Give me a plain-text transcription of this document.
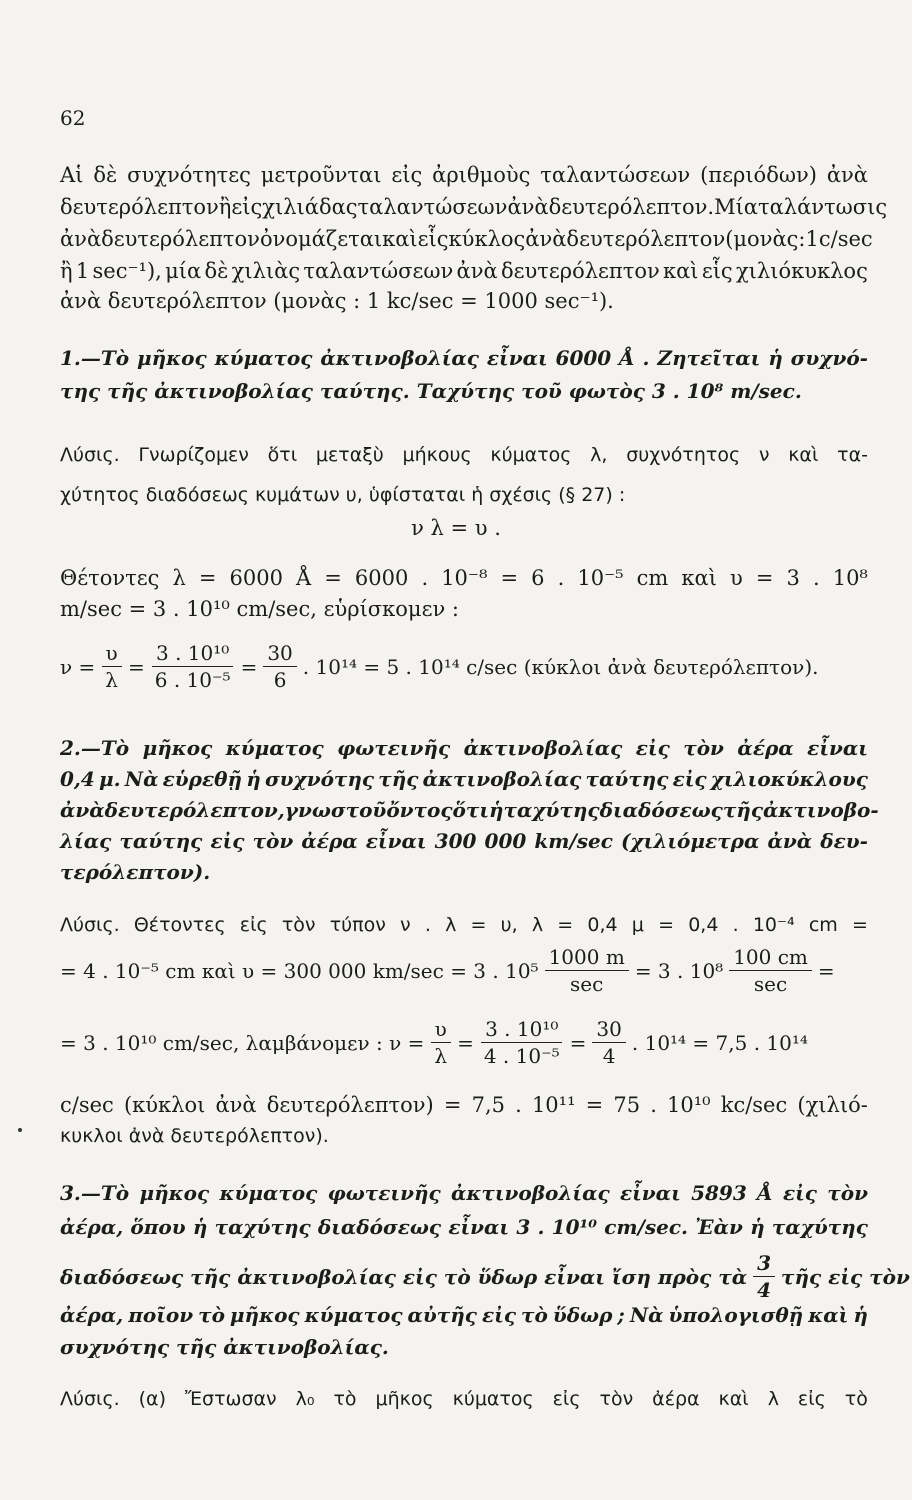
62
Αἱ δὲ συχνότητες μετροῦνται εἰς ἀριθμοὺς ταλαντώσεων (περιόδων) ἀνὰ
δευτερόλεπτον ἢ εἰς χιλιάδας ταλαντώσεων ἀνὰ δευτερόλεπτον. Μία ταλάντωσις
ἀνὰ δευτερόλεπτον ὀνομάζεται καὶ εἷς κύκλος ἀνὰ δευτερόλεπτον (μονὰς : 1 c/sec
ἢ 1 sec⁻¹), μία δὲ χιλιὰς ταλαντώσεων ἀνὰ δευτερόλεπτον καὶ εἷς χιλιόκυκλος
ἀνὰ δευτερόλεπτον (μονὰς : 1 kc/sec = 1000 sec⁻¹).
1.—Τὸ μῆκος κύματος ἀκτινοβολίας εἶναι 6000 Å . Ζητεῖται ἡ συχνό-
της τῆς ἀκτινοβολίας ταύτης. Ταχύτης τοῦ φωτὸς 3 . 10⁸ m/sec.
Λύσις. Γνωρίζομεν ὅτι μεταξὺ μήκους κύματος λ, συχνότητος ν καὶ τα-
χύτητος διαδόσεως κυμάτων υ, ὑφίσταται ἡ σχέσις (§ 27) :
ν λ = υ .
Θέτοντες λ = 6000 Å = 6000 . 10⁻⁸ = 6 . 10⁻⁵ cm καὶ υ = 3 . 10⁸
m/sec = 3 . 10¹⁰ cm/sec, εὑρίσκομεν :
$\nu = \frac{\upsilon}{\lambda} = \frac{\text{3 . 10¹⁰}}{\text{6 . 10⁻⁵}} = \frac{30}{6}$ . 10¹⁴ = 5 . 10¹⁴ c/sec (κύκλοι ἀνὰ δευτερόλεπτον).
2.—Τὸ μῆκος κύματος φωτεινῆς ἀκτινοβολίας εἰς τὸν ἀέρα εἶναι
0,4 μ. Νὰ εὑρεθῇ ἡ συχνότης τῆς ἀκτινοβολίας ταύτης εἰς χιλιοκύκλους
ἀνὰ δευτερόλεπτον, γνωστοῦ ὄντος ὅτι ἡ ταχύτης διαδόσεως τῆς ἀκτινοβο-
λίας ταύτης εἰς τὸν ἀέρα εἶναι 300 000 km/sec (χιλιόμετρα ἀνὰ δευ-
τερόλεπτον).
Λύσις. Θέτοντες εἰς τὸν τύπον ν . λ = υ, λ = 0,4 μ = 0,4 . 10⁻⁴ cm =
= 4 . 10⁻⁵ cm καὶ υ = 300 000 km/sec = 3 . $10^5 \frac{1000 m}{\sec} = 3$ . $10^8 \frac{100 cm}{\sec}$ =
= 3 . 10¹⁰ cm/sec, λαμβάνομεν : $\nu = \frac{\upsilon}{\lambda} = \frac{\text{3 . 10¹⁰}}{\text{4 . 10⁻⁵}} = \frac{30}{4}$ . 10¹⁴ = 7,5 . 10¹⁴
c/sec (κύκλοι ἀνὰ δευτερόλεπτον) = 7,5 . 10¹¹ = 75 . 10¹⁰ kc/sec (χιλιό-
κυκλοι ἀνὰ δευτερόλεπτον).
3.—Τὸ μῆκος κύματος φωτεινῆς ἀκτινοβολίας εἶναι 5893 Å εἰς τὸν
ἀέρα, ὅπου ἡ ταχύτης διαδόσεως εἶναι 3 . 10¹⁰ cm/sec. Ἐὰν ἡ ταχύτης
διαδόσεως τῆς ἀκτινοβολίας εἰς τὸ ὕδωρ εἶναι ἴση πρὸς τὰ $\frac{3}{4}$ τῆς εἰς τὸν
ἀέρα, ποῖον τὸ μῆκος κύματος αὐτῆς εἰς τὸ ὕδωρ ; Νὰ ὑπολογισθῇ καὶ ἡ
συχνότης τῆς ἀκτινοβολίας.
Λύσις. (α) Ἔστωσαν λ₀ τὸ μῆκος κύματος εἰς τὸν ἀέρα καὶ λ εἰς τὸ
